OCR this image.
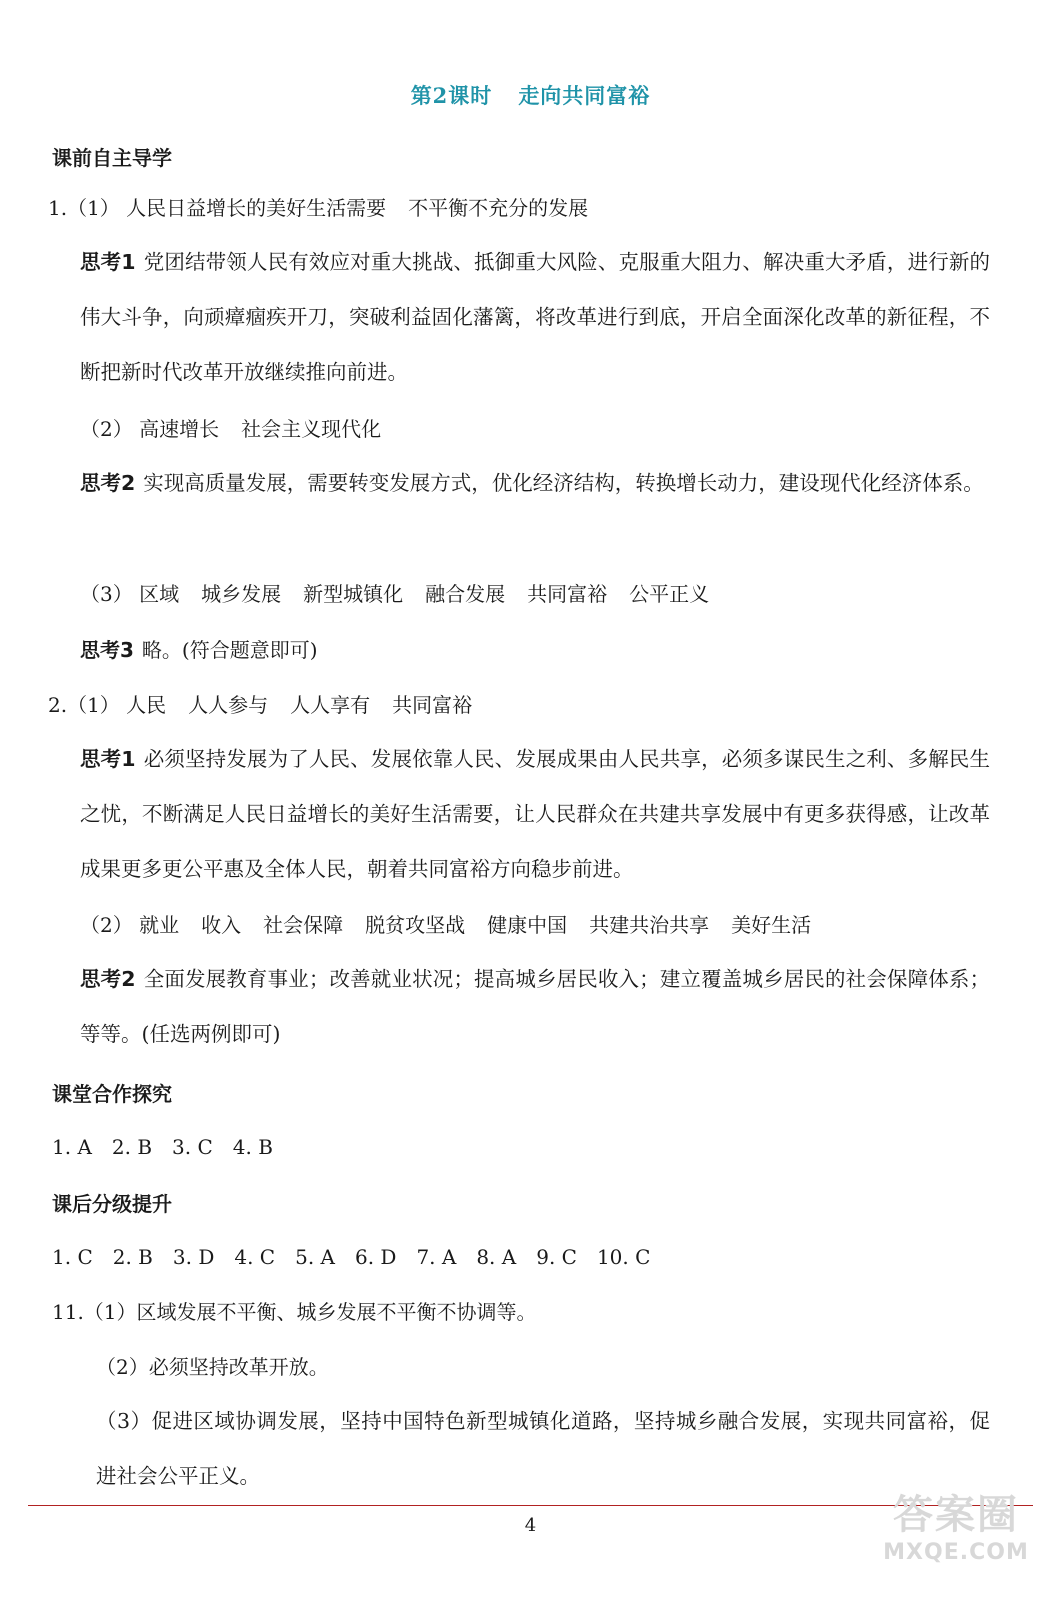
第2课时 走向共同富裕
课前自主导学
1.（1） 人民日益增长的美好生活需要 不平衡不充分的发展
思考1 党团结带领人民有效应对重大挑战、抵御重大风险、克服重大阻力、解决重大矛盾，进行新的伟大斗争，向顽瘴痼疾开刀，突破利益固化藩篱，将改革进行到底，开启全面深化改革的新征程，不断把新时代改革开放继续推向前进。
（2） 高速增长 社会主义现代化
思考2 实现高质量发展，需要转变发展方式，优化经济结构，转换增长动力，建设现代化经济体系。
（3） 区域 城乡发展 新型城镇化 融合发展 共同富裕 公平正义
思考3 略。(符合题意即可)
2.（1） 人民 人人参与 人人享有 共同富裕
思考1 必须坚持发展为了人民、发展依靠人民、发展成果由人民共享，必须多谋民生之利、多解民生之忧，不断满足人民日益增长的美好生活需要，让人民群众在共建共享发展中有更多获得感，让改革成果更多更公平惠及全体人民，朝着共同富裕方向稳步前进。
（2） 就业 收入 社会保障 脱贫攻坚战 健康中国 共建共治共享 美好生活
思考2 全面发展教育事业；改善就业状况；提高城乡居民收入；建立覆盖城乡居民的社会保障体系；等等。(任选两例即可)
课堂合作探究
1. A　2. B　3. C　4. B
课后分级提升
1. C　2. B　3. D　4. C　5. A　6. D　7. A　8. A　9. C　10. C
11.（1）区域发展不平衡、城乡发展不平衡不协调等。
（2）必须坚持改革开放。
（3）促进区域协调发展，坚持中国特色新型城镇化道路，坚持城乡融合发展，实现共同富裕，促进社会公平正义。
4	答案圈
MXQE.COM
